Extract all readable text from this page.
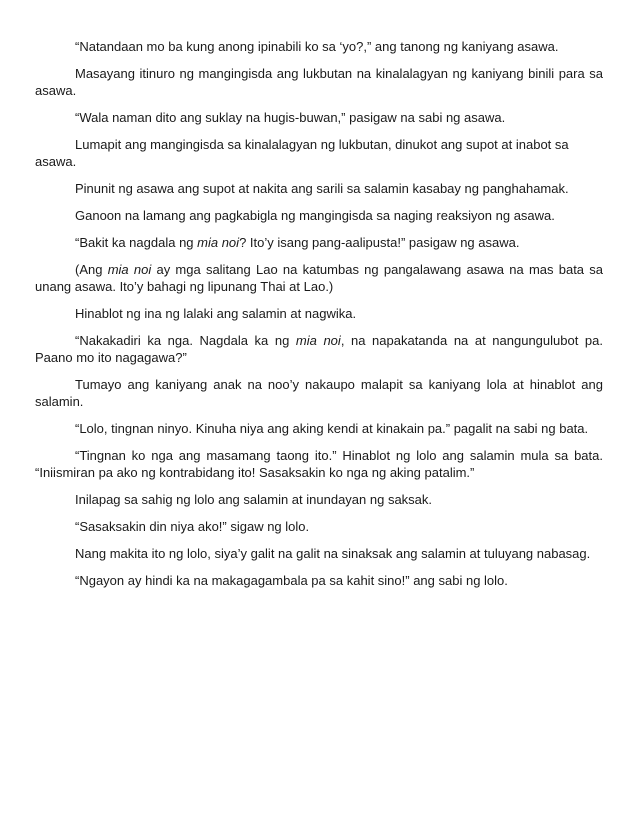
“Natandaan mo ba kung anong ipinabili ko sa ‘yo?,” ang tanong ng kaniyang asawa.

Masayang itinuro ng mangingisda ang lukbutan na kinalalagyan ng kaniyang binili para sa asawa.

“Wala naman dito ang suklay na hugis-buwan,” pasigaw na sabi ng asawa.

Lumapit ang mangingisda sa kinalalagyan ng lukbutan, dinukot ang supot at inabot sa asawa.

Pinunit ng asawa ang supot at nakita ang sarili sa salamin kasabay ng panghahamak.

Ganoon na lamang ang pagkabigla ng mangingisda sa naging reaksiyon ng asawa.

“Bakit ka nagdala ng mia noi? Ito’y isang pang-aalipusta!” pasigaw ng asawa.

(Ang mia noi ay mga salitang Lao na katumbas ng pangalawang asawa na mas bata sa unang asawa. Ito’y bahagi ng lipunang Thai at Lao.)

Hinablot ng ina ng lalaki ang salamin at nagwika.

“Nakakadiri ka nga. Nagdala ka ng mia noi, na napakatanda na at nangungulubot pa. Paano mo ito nagagawa?”

Tumayo ang kaniyang anak na noo’y nakaupo malapit sa kaniyang lola at hinablot ang salamin.

“Lolo, tingnan ninyo. Kinuha niya ang aking kendi at kinakain pa.” pagalit na sabi ng bata.

“Tingnan ko nga ang masamang taong ito.” Hinablot ng lolo ang salamin mula sa bata. “Iniismiran pa ako ng kontrabidang ito! Sasaksakin ko nga ng aking patalim.”

Inilapag sa sahig ng lolo ang salamin at inundayan ng saksak.

“Sasaksakin din niya ako!” sigaw ng lolo.

Nang makita ito ng lolo, siya’y galit na galit na sinaksak ang salamin at tuluyang nabasag.

“Ngayon ay hindi ka na makagagambala pa sa kahit sino!” ang sabi ng lolo.
